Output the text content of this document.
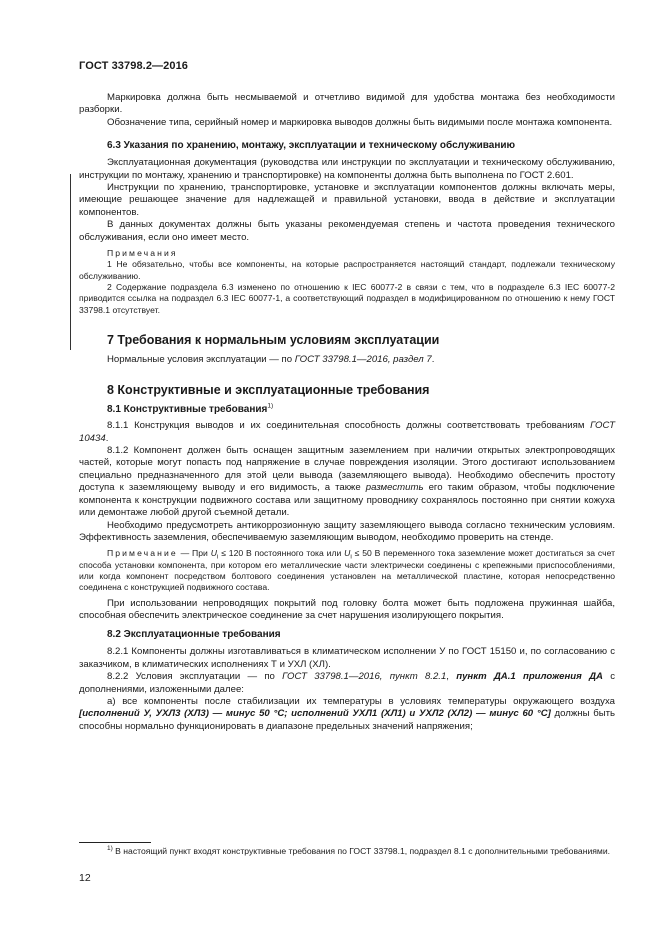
ГОСТ 33798.2—2016

Маркировка должна быть несмываемой и отчетливо видимой для удобства монтажа без необходимости разборки.

Обозначение типа, серийный номер и маркировка выводов должны быть видимыми после монтажа компонента.

6.3 Указания по хранению, монтажу, эксплуатации и техническому обслуживанию

Эксплуатационная документация (руководства или инструкции по эксплуатации и техническому обслуживанию, инструкции по монтажу, хранению и транспортировке) на компоненты должна быть выполнена по ГОСТ 2.601.

Инструкции по хранению, транспортировке, установке и эксплуатации компонентов должны включать меры, имеющие решающее значение для надлежащей и правильной установки, ввода в действие и эксплуатации компонентов.

В данных документах должны быть указаны рекомендуемая степень и частота проведения технического обслуживания, если оно имеет место.

Примечания

1 Не обязательно, чтобы все компоненты, на которые распространяется настоящий стандарт, подлежали техническому обслуживанию.

2 Содержание подраздела 6.3 изменено по отношению к IEC 60077-2 в связи с тем, что в подразделе 6.3 IEC 60077-2 приводится ссылка на подраздел 6.3 IEC 60077-1, а соответствующий подраздел в модифицированном по отношению к нему ГОСТ 33798.1 отсутствует.

7 Требования к нормальным условиям эксплуатации

Нормальные условия эксплуатации — по ГОСТ 33798.1—2016, раздел 7.

8 Конструктивные и эксплуатационные требования

8.1 Конструктивные требования$^{1)}$

8.1.1 Конструкция выводов и их соединительная способность должны соответствовать требованиям ГОСТ 10434.

8.1.2 Компонент должен быть оснащен защитным заземлением при наличии открытых электропроводящих частей, которые могут попасть под напряжение в случае повреждения изоляции. Этого достигают использованием специально предназначенного для этой цели вывода (заземляющего вывода). Необходимо обеспечить простоту доступа к заземляющему выводу и его видимость, а также разместить его таким образом, чтобы подключение компонента к конструкции подвижного состава или защитному проводнику сохранялось постоянно при снятии кожуха или демонтаже любой другой съемной детали.

Необходимо предусмотреть антикоррозионную защиту заземляющего вывода согласно техническим условиям. Эффективность заземления, обеспечиваемую заземляющим выводом, необходимо проверить на стенде.

Примечание — При $U_i \le 120$ В постоянного тока или $U_i \le 50$ В переменного тока заземление может достигаться за счет способа установки компонента, при котором его металлические части электрически соединены с крепежными приспособлениями, или когда компонент посредством болтового соединения установлен на металлической пластине, которая непосредственно соединена с конструкцией подвижного состава.

При использовании непроводящих покрытий под головку болта может быть подложена пружинная шайба, способная обеспечить электрическое соединение за счет нарушения изолирующего покрытия.

8.2 Эксплуатационные требования

8.2.1 Компоненты должны изготавливаться в климатическом исполнении У по ГОСТ 15150 и, по согласованию с заказчиком, в климатических исполнениях Т и УХЛ (ХЛ).

8.2.2 Условия эксплуатации — по ГОСТ 33798.1—2016, пункт 8.2.1, пункт ДА.1 приложения ДА с дополнениями, изложенными далее:

а) все компоненты после стабилизации их температуры в условиях температуры окружающего воздуха [исполнений У, УХЛ3 (ХЛ3) — минус 50 °С; исполнений УХЛ1 (ХЛ1) и УХЛ2 (ХЛ2) — минус 60 °С] должны быть способны нормально функционировать в диапазоне предельных значений напряжения;

$^{1)}$ В настоящий пункт входят конструктивные требования по ГОСТ 33798.1, подраздел 8.1 с дополнительными требованиями.

12
